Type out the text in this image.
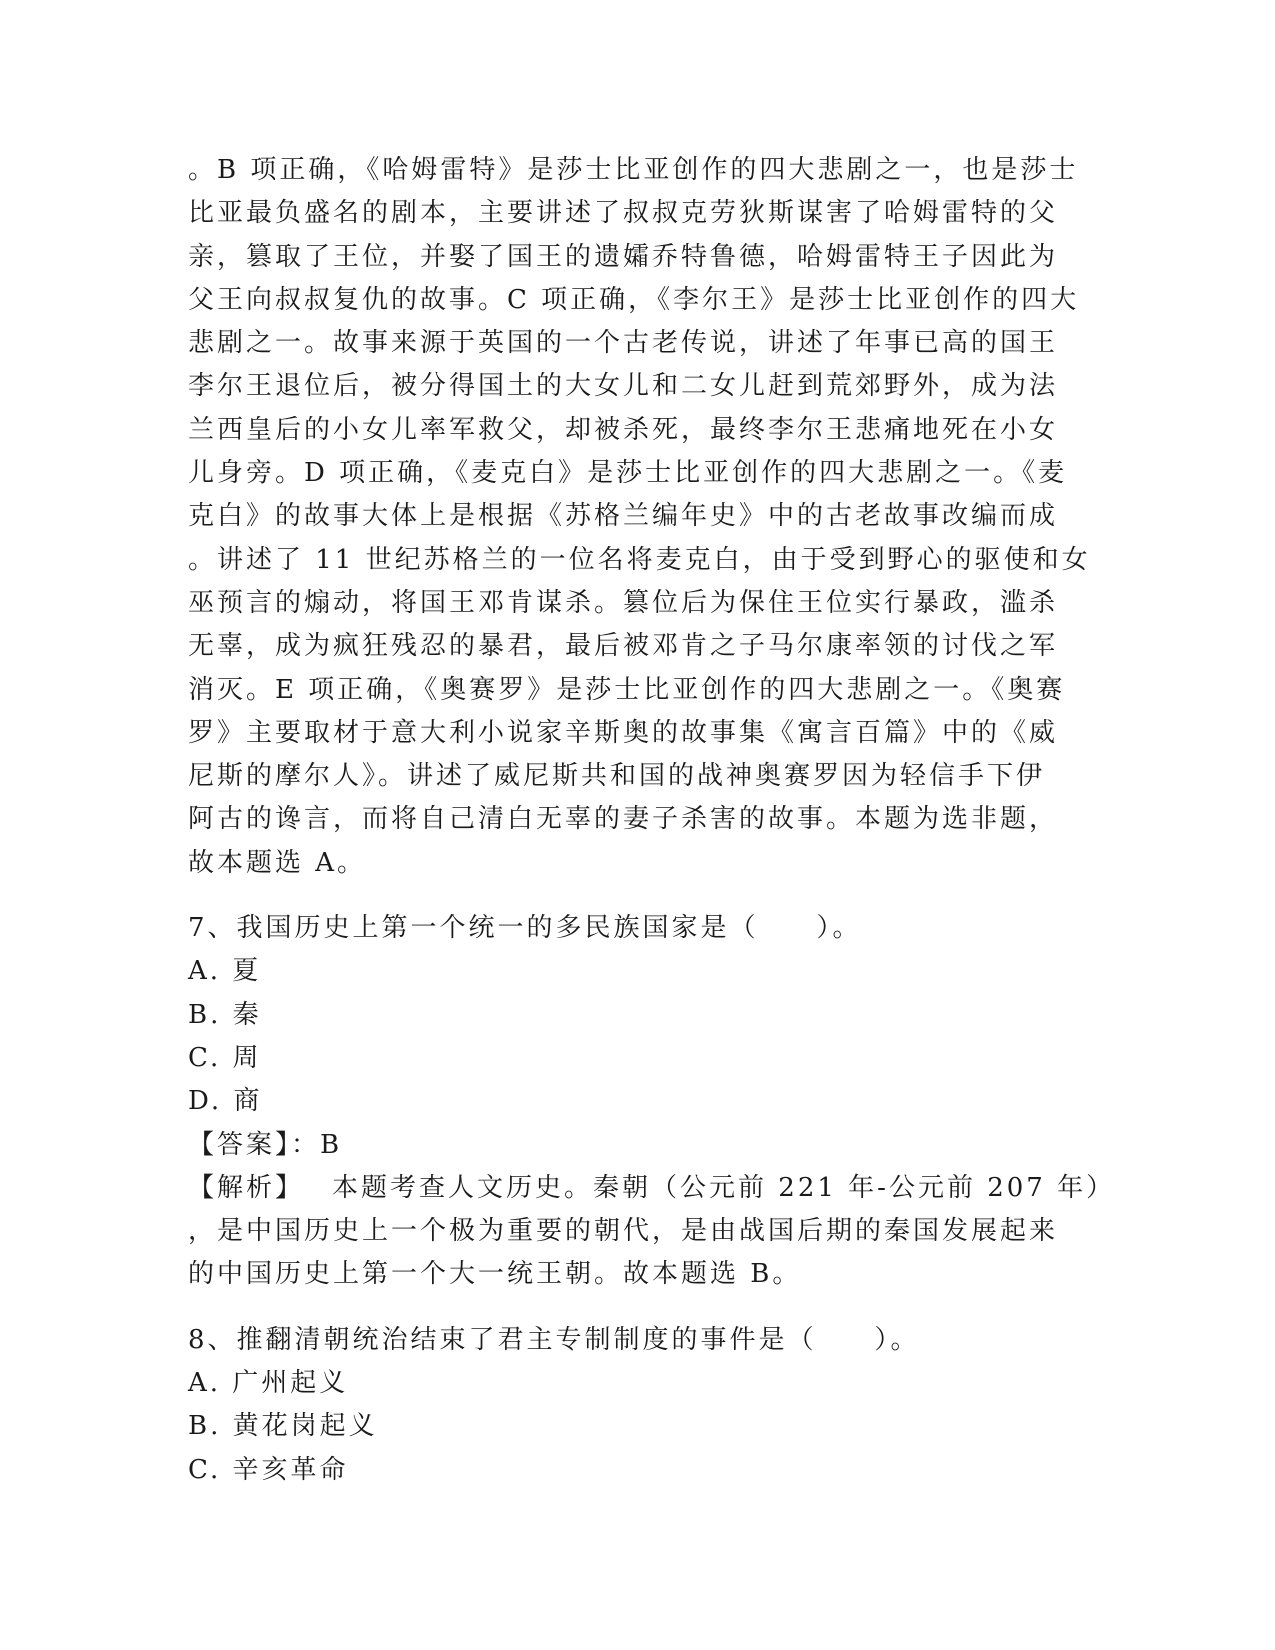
。B 项正确，《哈姆雷特》是莎士比亚创作的四大悲剧之一，也是莎士
比亚最负盛名的剧本，主要讲述了叔叔克劳狄斯谋害了哈姆雷特的父
亲，篡取了王位，并娶了国王的遗孀乔特鲁德，哈姆雷特王子因此为
父王向叔叔复仇的故事。C 项正确，《李尔王》是莎士比亚创作的四大
悲剧之一。故事来源于英国的一个古老传说，讲述了年事已高的国王
李尔王退位后，被分得国土的大女儿和二女儿赶到荒郊野外，成为法
兰西皇后的小女儿率军救父，却被杀死，最终李尔王悲痛地死在小女
儿身旁。D 项正确，《麦克白》是莎士比亚创作的四大悲剧之一。《麦
克白》的故事大体上是根据《苏格兰编年史》中的古老故事改编而成
。讲述了 11 世纪苏格兰的一位名将麦克白，由于受到野心的驱使和女
巫预言的煽动，将国王邓肯谋杀。篡位后为保住王位实行暴政，滥杀
无辜，成为疯狂残忍的暴君，最后被邓肯之子马尔康率领的讨伐之军
消灭。E 项正确，《奥赛罗》是莎士比亚创作的四大悲剧之一。《奥赛
罗》主要取材于意大利小说家辛斯奥的故事集《寓言百篇》中的《威
尼斯的摩尔人》。讲述了威尼斯共和国的战神奥赛罗因为轻信手下伊
阿古的谗言，而将自己清白无辜的妻子杀害的故事。本题为选非题，
故本题选 A。
7、我国历史上第一个统一的多民族国家是（　　）。
A. 夏
B. 秦
C. 周
D. 商
【答案】：B
【解析】 本题考查人文历史。秦朝（公元前 221 年-公元前 207 年）
，是中国历史上一个极为重要的朝代，是由战国后期的秦国发展起来
的中国历史上第一个大一统王朝。故本题选 B。
8、推翻清朝统治结束了君主专制制度的事件是（　　）。
A. 广州起义
B. 黄花岗起义
C. 辛亥革命
